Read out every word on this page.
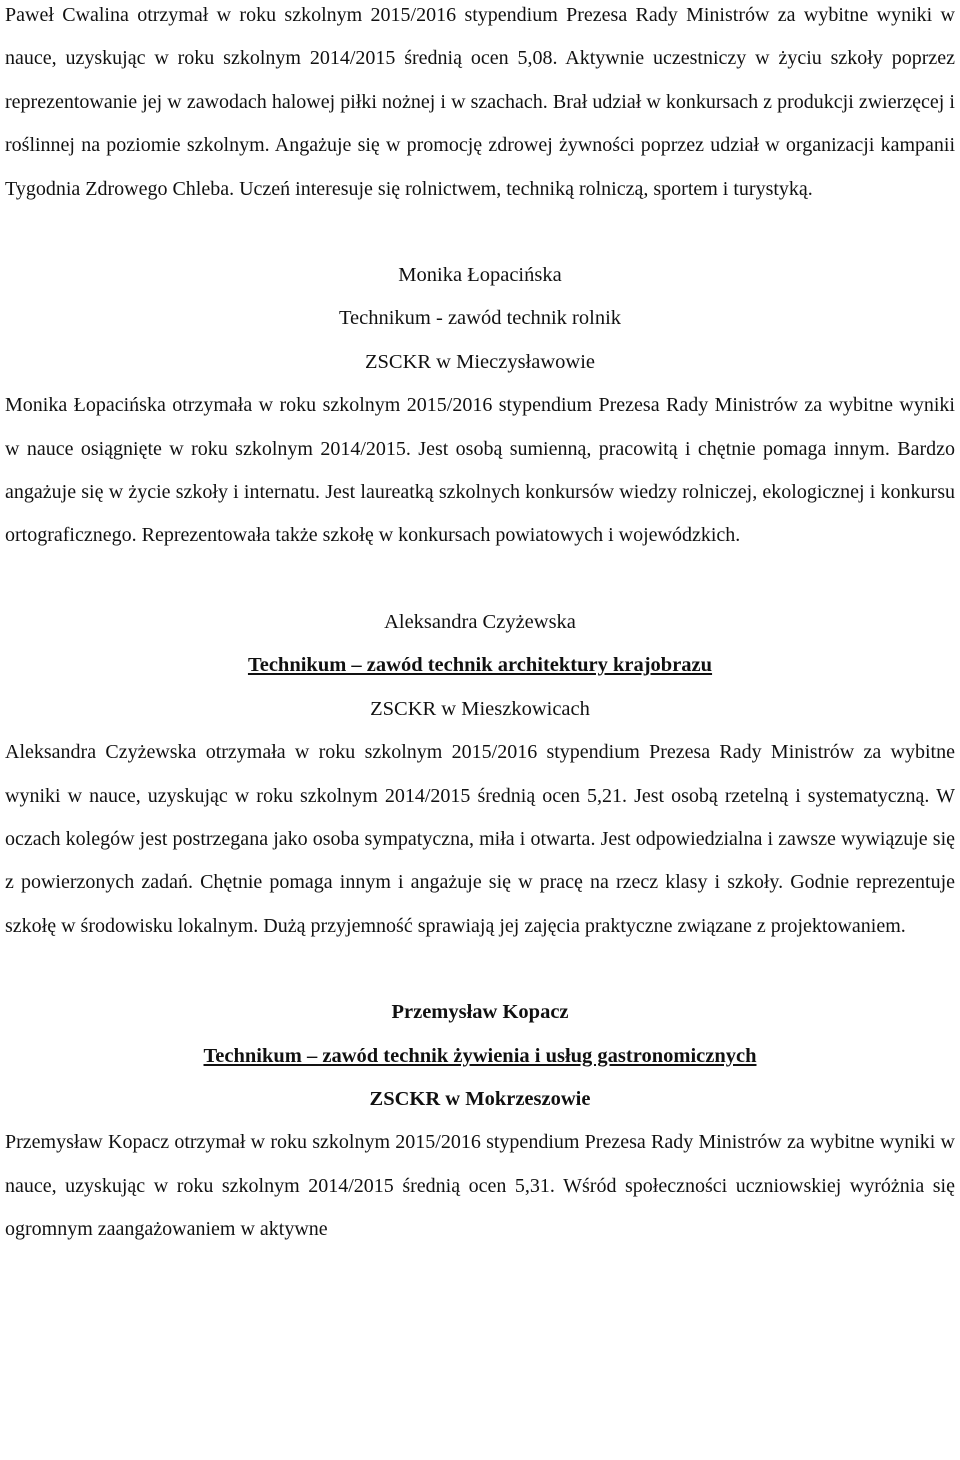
Paweł Cwalina otrzymał w roku szkolnym 2015/2016 stypendium Prezesa Rady Ministrów za wybitne wyniki w nauce, uzyskując w roku szkolnym 2014/2015 średnią ocen 5,08. Aktywnie uczestniczy w życiu szkoły poprzez reprezentowanie jej w zawodach halowej piłki nożnej i w szachach. Brał udział w konkursach z produkcji zwierzęcej i roślinnej na poziomie szkolnym. Angażuje się w promocję zdrowej żywności poprzez udział w organizacji kampanii Tygodnia Zdrowego Chleba. Uczeń interesuje się rolnictwem, techniką rolniczą, sportem i turystyką.

Monika Łopacińska

Technikum - zawód technik rolnik

ZSCKR w Mieczysławowie

Monika Łopacińska otrzymała w roku szkolnym 2015/2016 stypendium Prezesa Rady Ministrów za wybitne wyniki w nauce osiągnięte w roku szkolnym 2014/2015. Jest osobą sumienną, pracowitą i chętnie pomaga innym. Bardzo angażuje się w życie szkoły i internatu. Jest laureatką szkolnych konkursów wiedzy rolniczej, ekologicznej i konkursu ortograficznego. Reprezentowała także szkołę w konkursach powiatowych i wojewódzkich.

Aleksandra Czyżewska

Technikum – zawód technik architektury krajobrazu

ZSCKR w Mieszkowicach

Aleksandra Czyżewska otrzymała w roku szkolnym 2015/2016 stypendium Prezesa Rady Ministrów za wybitne wyniki w nauce, uzyskując w roku szkolnym 2014/2015 średnią ocen 5,21. Jest osobą rzetelną i systematyczną. W oczach kolegów jest postrzegana jako osoba sympatyczna, miła i otwarta. Jest odpowiedzialna i zawsze wywiązuje się z powierzonych zadań. Chętnie pomaga innym i angażuje się w pracę na rzecz klasy i szkoły. Godnie reprezentuje szkołę w środowisku lokalnym. Dużą przyjemność sprawiają jej zajęcia praktyczne związane z projektowaniem.

Przemysław Kopacz

Technikum – zawód technik żywienia i usług gastronomicznych

ZSCKR w Mokrzeszowie

Przemysław Kopacz otrzymał w roku szkolnym 2015/2016 stypendium Prezesa Rady Ministrów za wybitne wyniki w nauce, uzyskując w roku szkolnym 2014/2015 średnią ocen 5,31. Wśród społeczności uczniowskiej wyróżnia się ogromnym zaangażowaniem w aktywne
